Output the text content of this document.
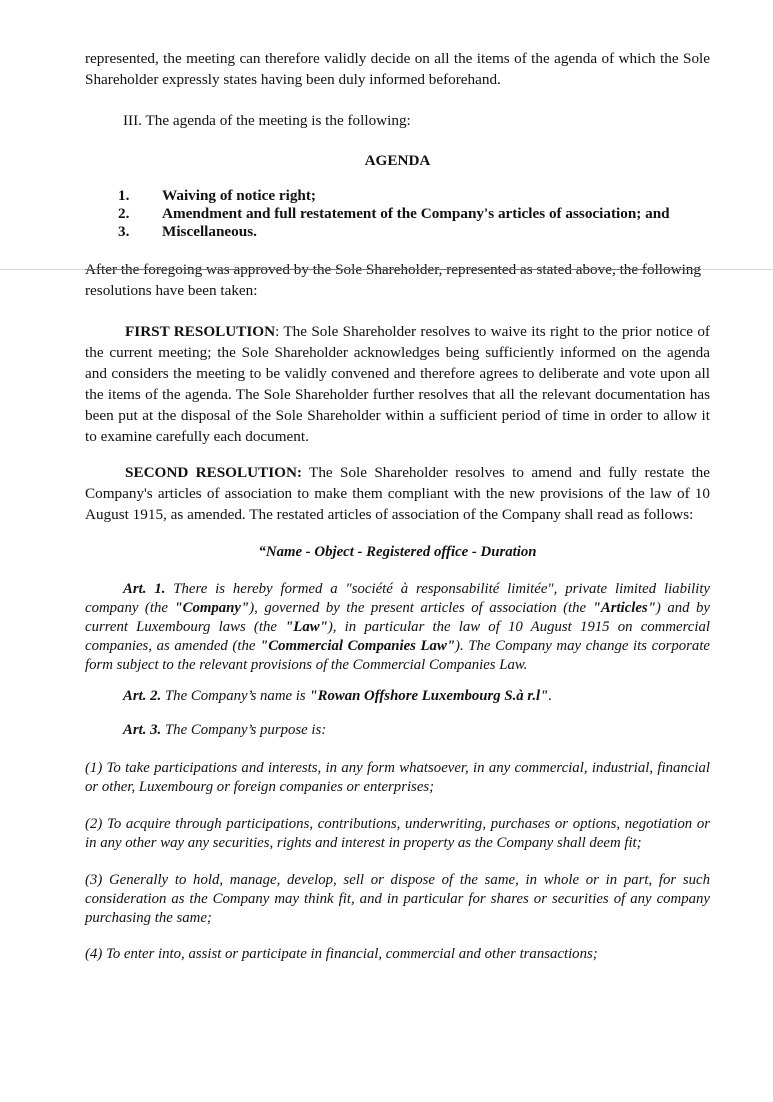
represented, the meeting can therefore validly decide on all the items of the agenda of which the Sole Shareholder expressly states having been duly informed beforehand.

III. The agenda of the meeting is the following:

AGENDA

1. Waiving of notice right;
2. Amendment and full restatement of the Company's articles of association; and
3. Miscellaneous.

After the foregoing was approved by the Sole Shareholder, represented as stated above, the following
resolutions have been taken:

FIRST RESOLUTION: The Sole Shareholder resolves to waive its right to the prior notice of the current meeting; the Sole Shareholder acknowledges being sufficiently informed on the agenda and considers the meeting to be validly convened and therefore agrees to deliberate and vote upon all the items of the agenda. The Sole Shareholder further resolves that all the relevant documentation has been put at the disposal of the Sole Shareholder within a sufficient period of time in order to allow it to examine carefully each document.

SECOND RESOLUTION: The Sole Shareholder resolves to amend and fully restate the Company's articles of association to make them compliant with the new provisions of the law of 10 August 1915, as amended. The restated articles of association of the Company shall read as follows:

“Name - Object - Registered office - Duration

Art. 1. There is hereby formed a "société à responsabilité limitée", private limited liability company (the "Company"), governed by the present articles of association (the "Articles") and by current Luxembourg laws (the "Law"), in particular the law of 10 August 1915 on commercial companies, as amended (the "Commercial Companies Law"). The Company may change its corporate form subject to the relevant provisions of the Commercial Companies Law.

Art. 2. The Company’s name is "Rowan Offshore Luxembourg S.à r.l".

Art. 3. The Company’s purpose is:

(1) To take participations and interests, in any form whatsoever, in any commercial, industrial, financial or other, Luxembourg or foreign companies or enterprises;

(2) To acquire through participations, contributions, underwriting, purchases or options, negotiation or in any other way any securities, rights and interest in property as the Company shall deem fit;

(3) Generally to hold, manage, develop, sell or dispose of the same, in whole or in part, for such consideration as the Company may think fit, and in particular for shares or securities of any company purchasing the same;

(4) To enter into, assist or participate in financial, commercial and other transactions;
